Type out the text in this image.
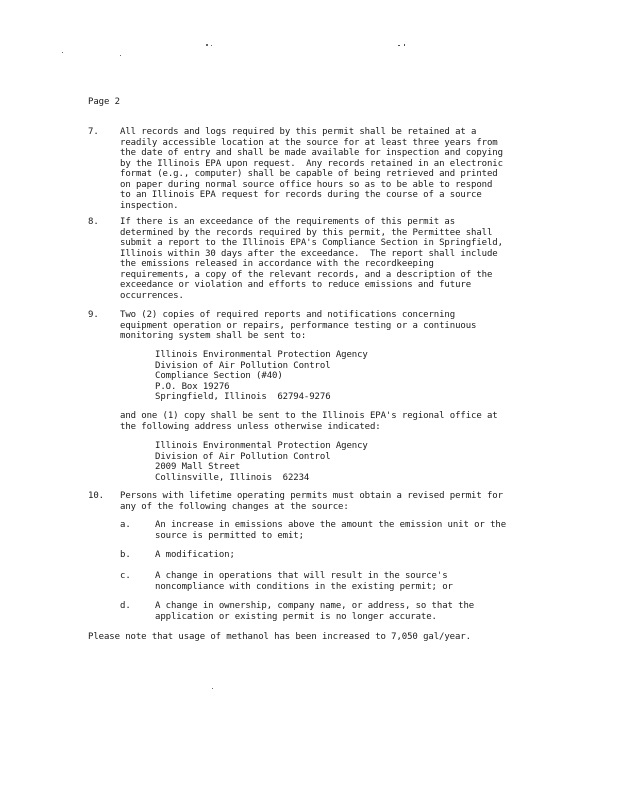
Page 2
7. All records and logs required by this permit shall be retained at a
readily accessible location at the source for at least three years from
the date of entry and shall be made available for inspection and copying
by the Illinois EPA upon request.  Any records retained in an electronic
format (e.g., computer) shall be capable of being retrieved and printed
on paper during normal source office hours so as to be able to respond
to an Illinois EPA request for records during the course of a source
inspection.
8. If there is an exceedance of the requirements of this permit as
determined by the records required by this permit, the Permittee shall
submit a report to the Illinois EPA's Compliance Section in Springfield,
Illinois within 30 days after the exceedance.  The report shall include
the emissions released in accordance with the recordkeeping
requirements, a copy of the relevant records, and a description of the
exceedance or violation and efforts to reduce emissions and future
occurrences.
9. Two (2) copies of required reports and notifications concerning
equipment operation or repairs, performance testing or a continuous
monitoring system shall be sent to:
Illinois Environmental Protection Agency
Division of Air Pollution Control
Compliance Section (#40)
P.O. Box 19276
Springfield, Illinois  62794-9276
and one (1) copy shall be sent to the Illinois EPA's regional office at
the following address unless otherwise indicated:
Illinois Environmental Protection Agency
Division of Air Pollution Control
2009 Mall Street
Collinsville, Illinois  62234
10. Persons with lifetime operating permits must obtain a revised permit for
any of the following changes at the source:
a.	An increase in emissions above the amount the emission unit or the
source is permitted to emit;
b.	A modification;
c.	A change in operations that will result in the source's
noncompliance with conditions in the existing permit; or
d.	A change in ownership, company name, or address, so that the
application or existing permit is no longer accurate.
Please note that usage of methanol has been increased to 7,050 gal/year.
